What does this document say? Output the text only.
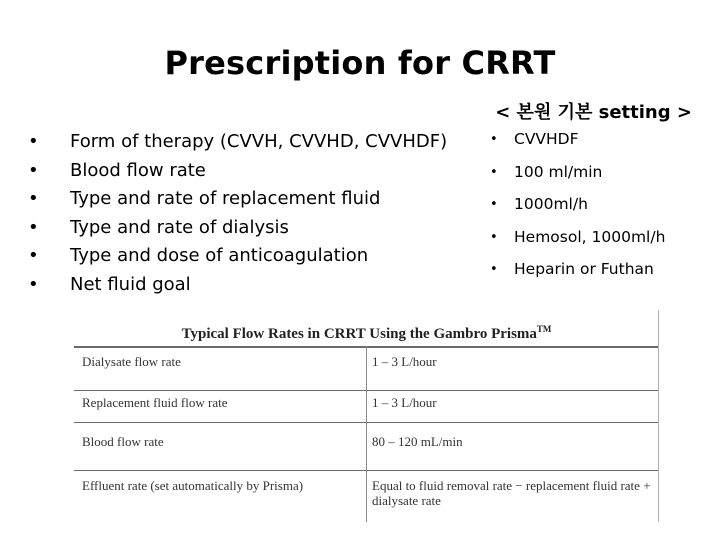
Prescription for CRRT
< 본원 기본 setting >
•	Form of therapy (CVVH, CVVHD, CVVHDF)
•	Blood flow rate
•	Type and rate of replacement fluid
•	Type and rate of dialysis
•	Type and dose of anticoagulation
•	Net fluid goal
•	CVVHDF
•	100 ml/min
•	1000ml/h
•	Hemosol, 1000ml/h
•	Heparin or Futhan
Typical Flow Rates in CRRT Using the Gambro Prisma™
Dialysate flow rate	1 – 3 L/hour
Replacement fluid flow rate	1 – 3 L/hour
Blood flow rate	80 – 120 mL/min
Effluent rate (set automatically by Prisma)	Equal to fluid removal rate − replacement fluid rate + dialysate rate
